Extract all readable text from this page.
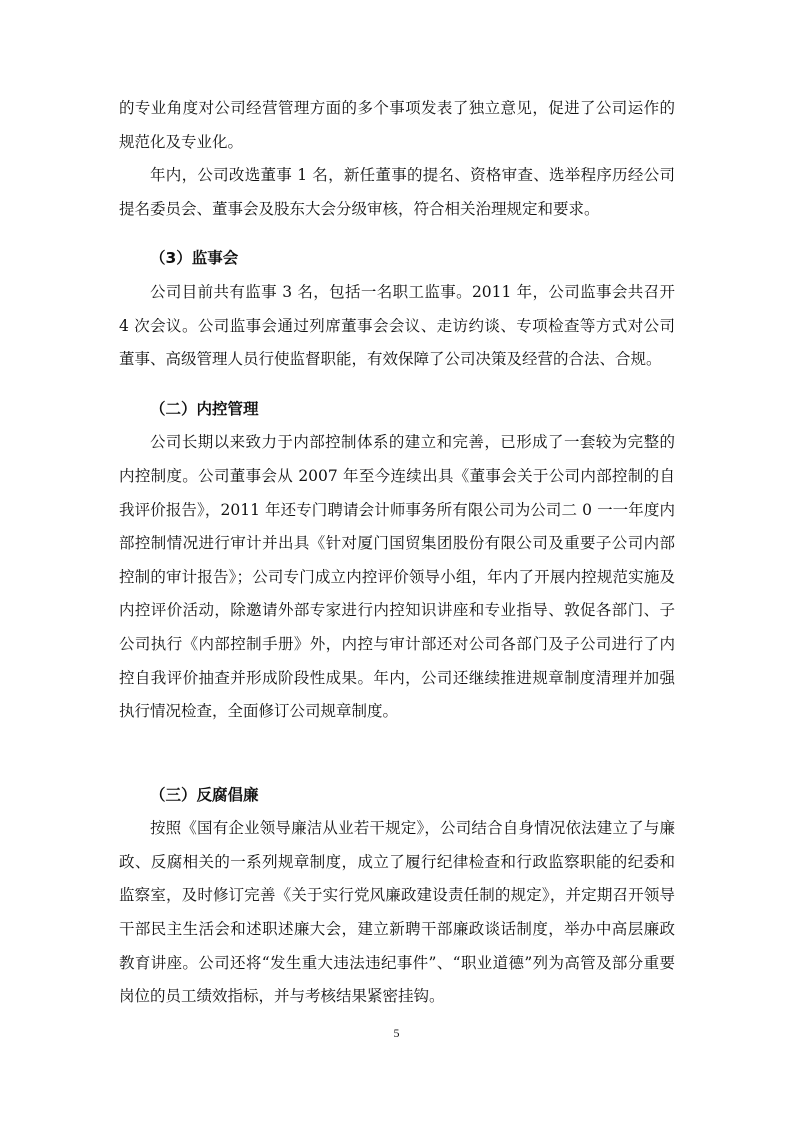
的专业角度对公司经营管理方面的多个事项发表了独立意见，促进了公司运作的规范化及专业化。

年内，公司改选董事 1 名，新任董事的提名、资格审查、选举程序历经公司提名委员会、董事会及股东大会分级审核，符合相关治理规定和要求。

（3）监事会

公司目前共有监事 3 名，包括一名职工监事。2011 年，公司监事会共召开 4 次会议。公司监事会通过列席董事会会议、走访约谈、专项检查等方式对公司董事、高级管理人员行使监督职能，有效保障了公司决策及经营的合法、合规。

（二）内控管理

公司长期以来致力于内部控制体系的建立和完善，已形成了一套较为完整的内控制度。公司董事会从 2007 年至今连续出具《董事会关于公司内部控制的自我评价报告》，2011 年还专门聘请会计师事务所有限公司为公司二 0 一一年度内部控制情况进行审计并出具《针对厦门国贸集团股份有限公司及重要子公司内部控制的审计报告》；公司专门成立内控评价领导小组，年内了开展内控规范实施及内控评价活动，除邀请外部专家进行内控知识讲座和专业指导、敦促各部门、子公司执行《内部控制手册》外，内控与审计部还对公司各部门及子公司进行了内控自我评价抽查并形成阶段性成果。年内，公司还继续推进规章制度清理并加强执行情况检查，全面修订公司规章制度。

（三）反腐倡廉

按照《国有企业领导廉洁从业若干规定》，公司结合自身情况依法建立了与廉政、反腐相关的一系列规章制度，成立了履行纪律检查和行政监察职能的纪委和监察室，及时修订完善《关于实行党风廉政建设责任制的规定》，并定期召开领导干部民主生活会和述职述廉大会，建立新聘干部廉政谈话制度，举办中高层廉政教育讲座。公司还将“发生重大违法违纪事件”、“职业道德”列为高管及部分重要岗位的员工绩效指标，并与考核结果紧密挂钩。

5
